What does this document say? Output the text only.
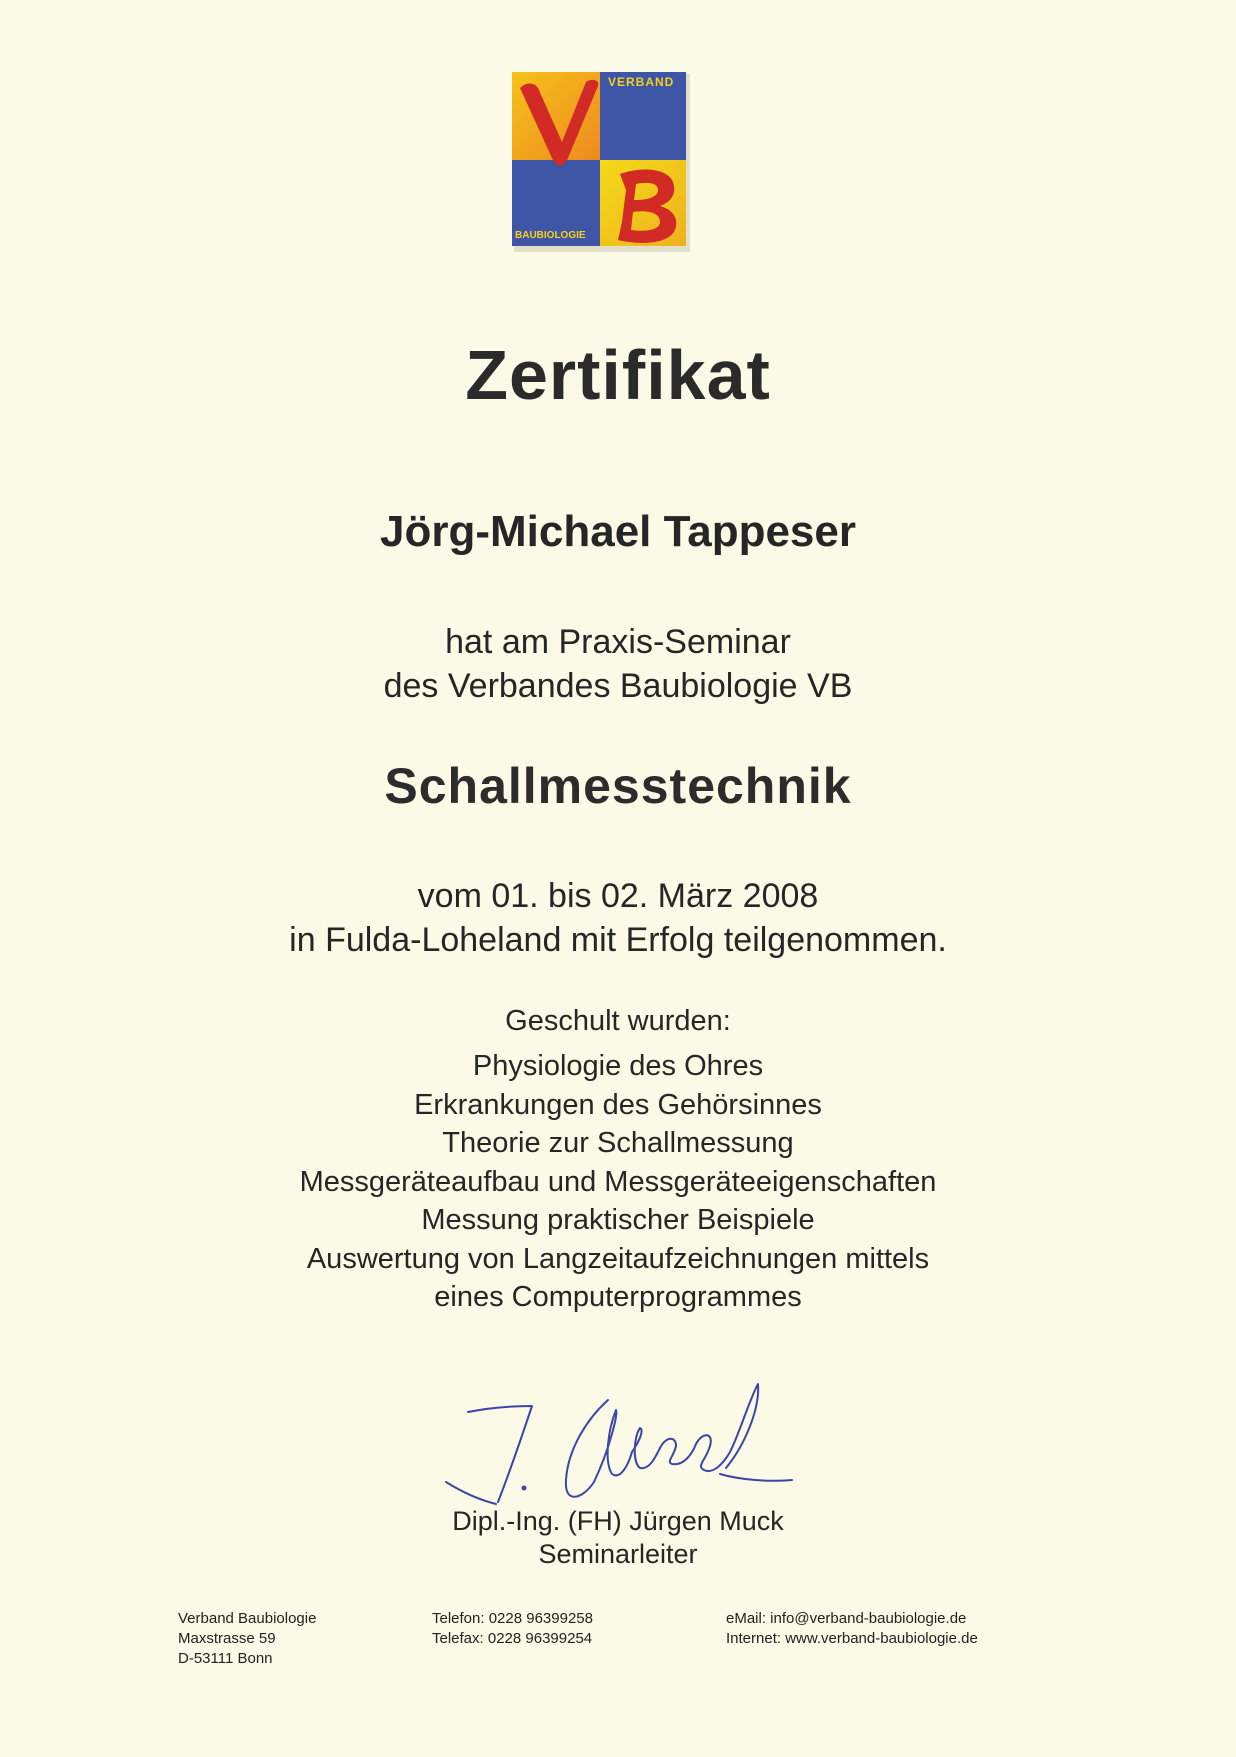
VERBAND
BAUBIOLOGIE
Zertifikat
Jörg-Michael Tappeser
hat am Praxis-Seminar
des Verbandes Baubiologie VB
Schallmesstechnik
vom 01. bis 02. März 2008
in Fulda-Loheland mit Erfolg teilgenommen.
Geschult wurden:
Physiologie des Ohres
Erkrankungen des Gehörsinnes
Theorie zur Schallmessung
Messgeräteaufbau und Messgeräteeigenschaften
Messung praktischer Beispiele
Auswertung von Langzeitaufzeichnungen mittels
eines Computerprogrammes
Dipl.-Ing. (FH) Jürgen Muck
Seminarleiter
Verband Baubiologie
Maxstrasse 59
D-53111 Bonn
Telefon: 0228 96399258
Telefax: 0228 96399254
eMail: info@verband-baubiologie.de
Internet: www.verband-baubiologie.de
